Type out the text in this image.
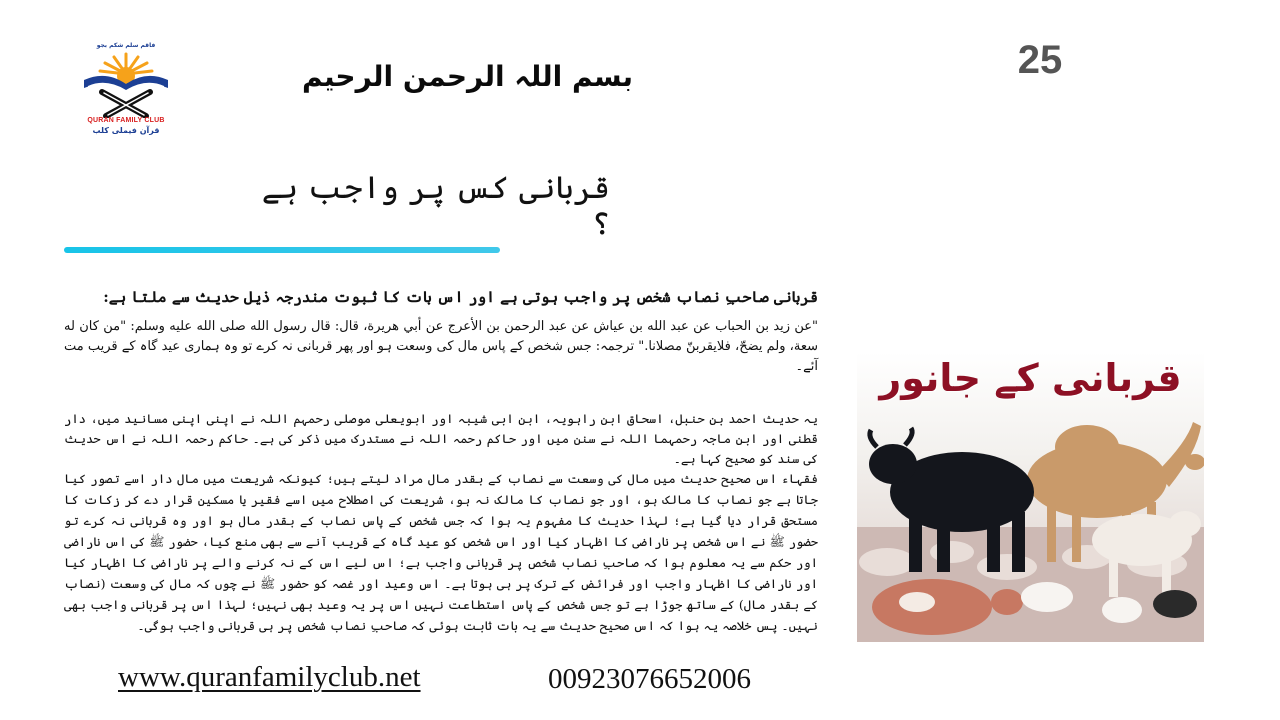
فاقم سلم شکم بجو
QURAN FAMILY CLUB
قرآن فیملی کلب
بسم اللہ الرحمن الرحیم	25
قربانی کس پر واجب ہے ؟
قربانی صاحبِ نصاب شخص پر واجب ہوتی ہے اور اس بات کا ثبوت مندرجہ ذیل حدیث سے ملتا ہے:
"عن زيد بن الحباب عن عبد الله بن عياش عن عبد الرحمن بن الأعرج عن أبي هريرة، قال: قال رسول الله صلى الله عليه وسلم: "من كان له سعة، ولم يضحّ، فلايقربنّ مصلانا." ترجمہ: جس شخص کے پاس مال کی وسعت ہو اور پھر قربانی نہ کرے تو وہ ہماری عید گاہ کے قریب مت آئے۔
یہ حدیث احمد بن حنبل، اسحاق ابن راہویہ، ابن ابی شیبہ اور ابویعلی موصلی رحمہم اللہ نے اپنی اپنی مسانید میں، دار قطنی اور ابن ماجہ رحمہما اللہ نے سنن میں اور حاکم رحمہ اللہ نے مستدرک میں ذکر کی ہے۔ حاکم رحمہ اللہ نے اس حدیث کی سند کو صحیح کہا ہے۔
فقہاء اس صحیح حدیث میں مال کی وسعت سے نصاب کے بقدر مال مراد لیتے ہیں؛ کیونکہ شریعت میں مال دار اسے تصور کیا جاتا ہے جو نصاب کا مالک ہو، اور جو نصاب کا مالک نہ ہو، شریعت کی اصطلاح میں اسے فقیر یا مسکین قرار دے کر زکات کا مستحق قرار دیا گیا ہے؛ لہذا حدیث کا مفہوم یہ ہوا کہ جس شخص کے پاس نصاب کے بقدر مال ہو اور وہ قربانی نہ کرے تو حضور ﷺ نے اس شخص پر ناراضی کا اظہار کیا اور اس شخص کو عید گاہ کے قریب آنے سے بھی منع کیا، حضور ﷺ کی اس ناراضی اور حکم سے یہ معلوم ہوا کہ صاحبِ نصاب شخص پر قربانی واجب ہے؛ اس لیے اس کے نہ کرنے والے پر ناراضی کا اظہار کیا اور ناراضی کا اظہار واجب اور فرائض کے ترک پر ہی ہوتا ہے۔ اس وعید اور غصہ کو حضور ﷺ نے چوں کہ مال کی وسعت (نصاب کے بقدر مال) کے ساتھ جوڑا ہے تو جس شخص کے پاس استطاعت نہیں اس پر یہ وعید بھی نہیں؛ لہذا اس پر قربانی واجب بھی نہیں۔ پس خلاصہ یہ ہوا کہ اس صحیح حدیث سے یہ بات ثابت ہوئی کہ صاحبِ نصاب شخص پر ہی قربانی واجب ہوگی۔
قربانی کے جانور
www.quranfamilyclub.net	00923076652006
